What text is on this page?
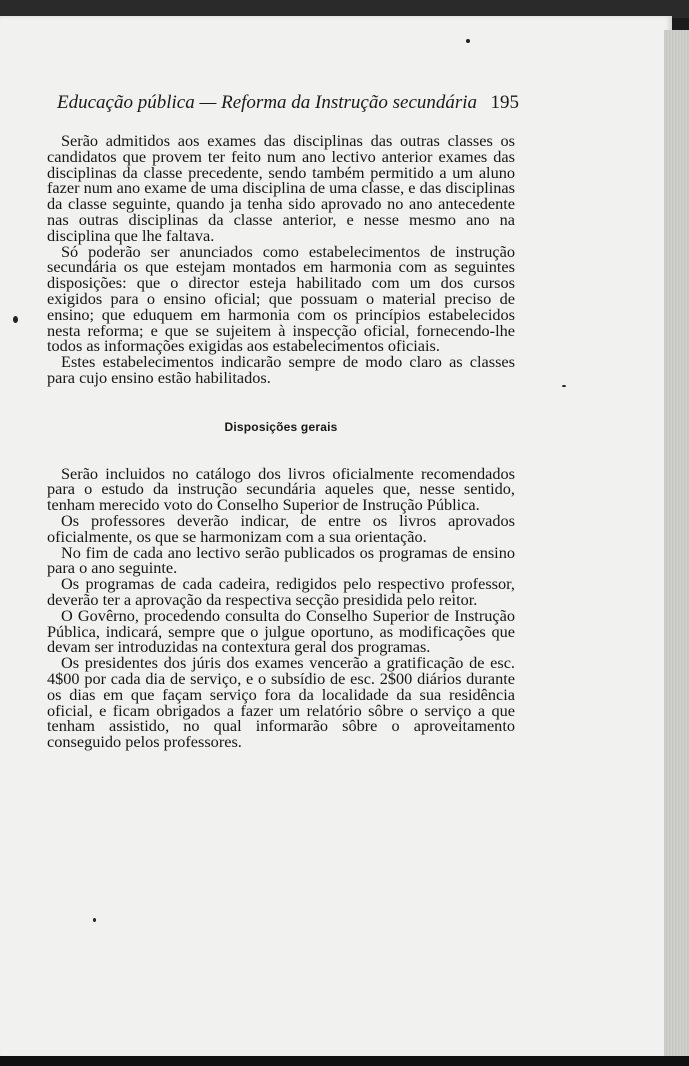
Educação pública — Reforma da Instrução secundária 195

Serão admitidos aos exames das disciplinas das outras classes os candidatos que provem ter feito num ano lectivo anterior exames das disciplinas da classe precedente, sendo também permitido a um aluno fazer num ano exame de uma disciplina de uma classe, e das disciplinas da classe seguinte, quando ja tenha sido aprovado no ano antecedente nas outras disciplinas da classe anterior, e nesse mesmo ano na disciplina que lhe faltava.

Só poderão ser anunciados como estabelecimentos de instrução secundária os que estejam montados em harmonia com as seguintes disposições: que o director esteja habilitado com um dos cursos exigidos para o ensino oficial; que possuam o material preciso de ensino; que eduquem em harmonia com os princípios estabelecidos nesta reforma; e que se sujeitem à inspecção oficial, fornecendo-lhe todos as informações exigidas aos estabelecimentos oficiais.

Estes estabelecimentos indicarão sempre de modo claro as classes para cujo ensino estão habilitados.

Disposições gerais

Serão incluidos no catálogo dos livros oficialmente recomendados para o estudo da instrução secundária aqueles que, nesse sentido, tenham merecido voto do Conselho Superior de Instrução Pública.

Os professores deverão indicar, de entre os livros aprovados oficialmente, os que se harmonizam com a sua orientação.

No fim de cada ano lectivo serão publicados os programas de ensino para o ano seguinte.

Os programas de cada cadeira, redigidos pelo respectivo professor, deverão ter a aprovação da respectiva secção presidida pelo reitor.

O Govêrno, procedendo consulta do Conselho Superior de Instrução Pública, indicará, sempre que o julgue oportuno, as modificações que devam ser introduzidas na contextura geral dos programas.

Os presidentes dos júris dos exames vencerão a gratificação de esc. 4$00 por cada dia de serviço, e o subsídio de esc. 2$00 diários durante os dias em que façam serviço fora da localidade da sua residência oficial, e ficam obrigados a fazer um relatório sôbre o serviço a que tenham assistido, no qual informarão sôbre o aproveitamento conseguido pelos professores.
